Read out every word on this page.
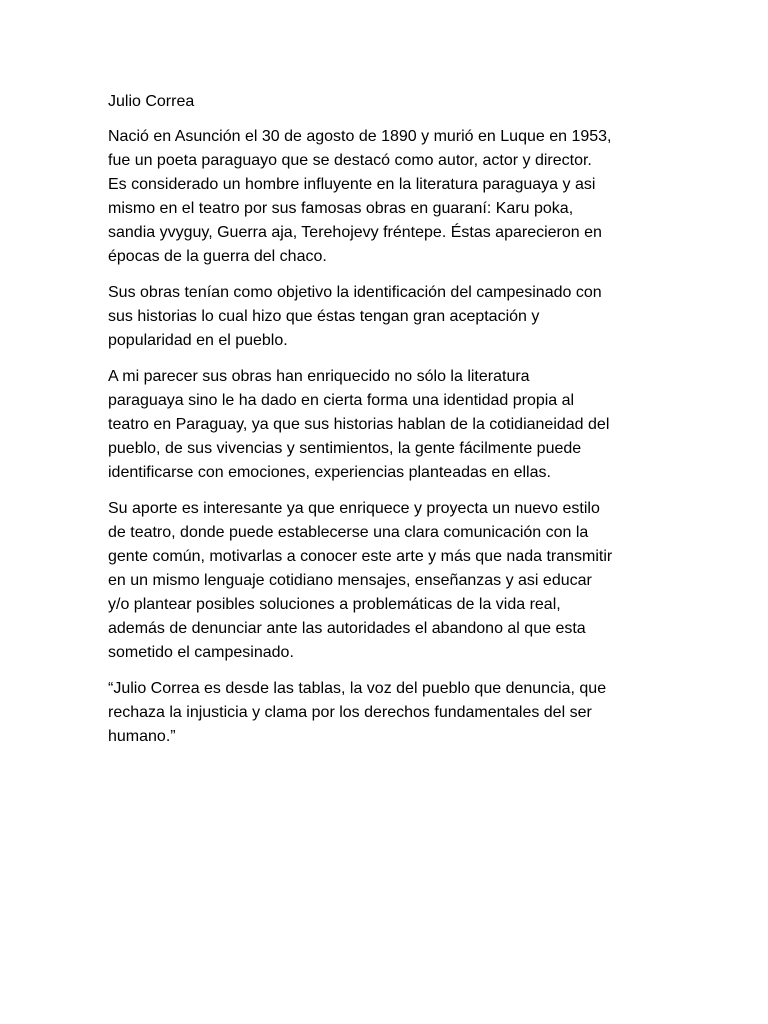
Julio Correa

Nació en Asunción el 30 de agosto de 1890 y murió en Luque en 1953,
fue un poeta paraguayo que se destacó como autor, actor y director.
Es considerado un hombre influyente en la literatura paraguaya y asi
mismo en el teatro por sus famosas obras en guaraní: Karu poka,
sandia yvyguy, Guerra aja, Terehojevy fréntepe. Éstas aparecieron en
épocas de la guerra del chaco.

Sus obras tenían como objetivo la identificación del campesinado con
sus historias lo cual hizo que éstas tengan gran aceptación y
popularidad en el pueblo.

A mi parecer sus obras han enriquecido no sólo la literatura
paraguaya sino le ha dado en cierta forma una identidad propia al
teatro en Paraguay, ya que sus historias hablan de la cotidianeidad del
pueblo, de sus vivencias y sentimientos, la gente fácilmente puede
identificarse con emociones, experiencias planteadas en ellas.

Su aporte es interesante ya que enriquece y proyecta un nuevo estilo
de teatro, donde puede establecerse una clara comunicación con la
gente común, motivarlas a conocer este arte y más que nada transmitir
en un mismo lenguaje cotidiano mensajes, enseñanzas y asi educar
y/o plantear posibles soluciones a problemáticas de la vida real,
además de denunciar ante las autoridades el abandono al que esta
sometido el campesinado.

“Julio Correa es desde las tablas, la voz del pueblo que denuncia, que
rechaza la injusticia y clama por los derechos fundamentales del ser
humano.”
